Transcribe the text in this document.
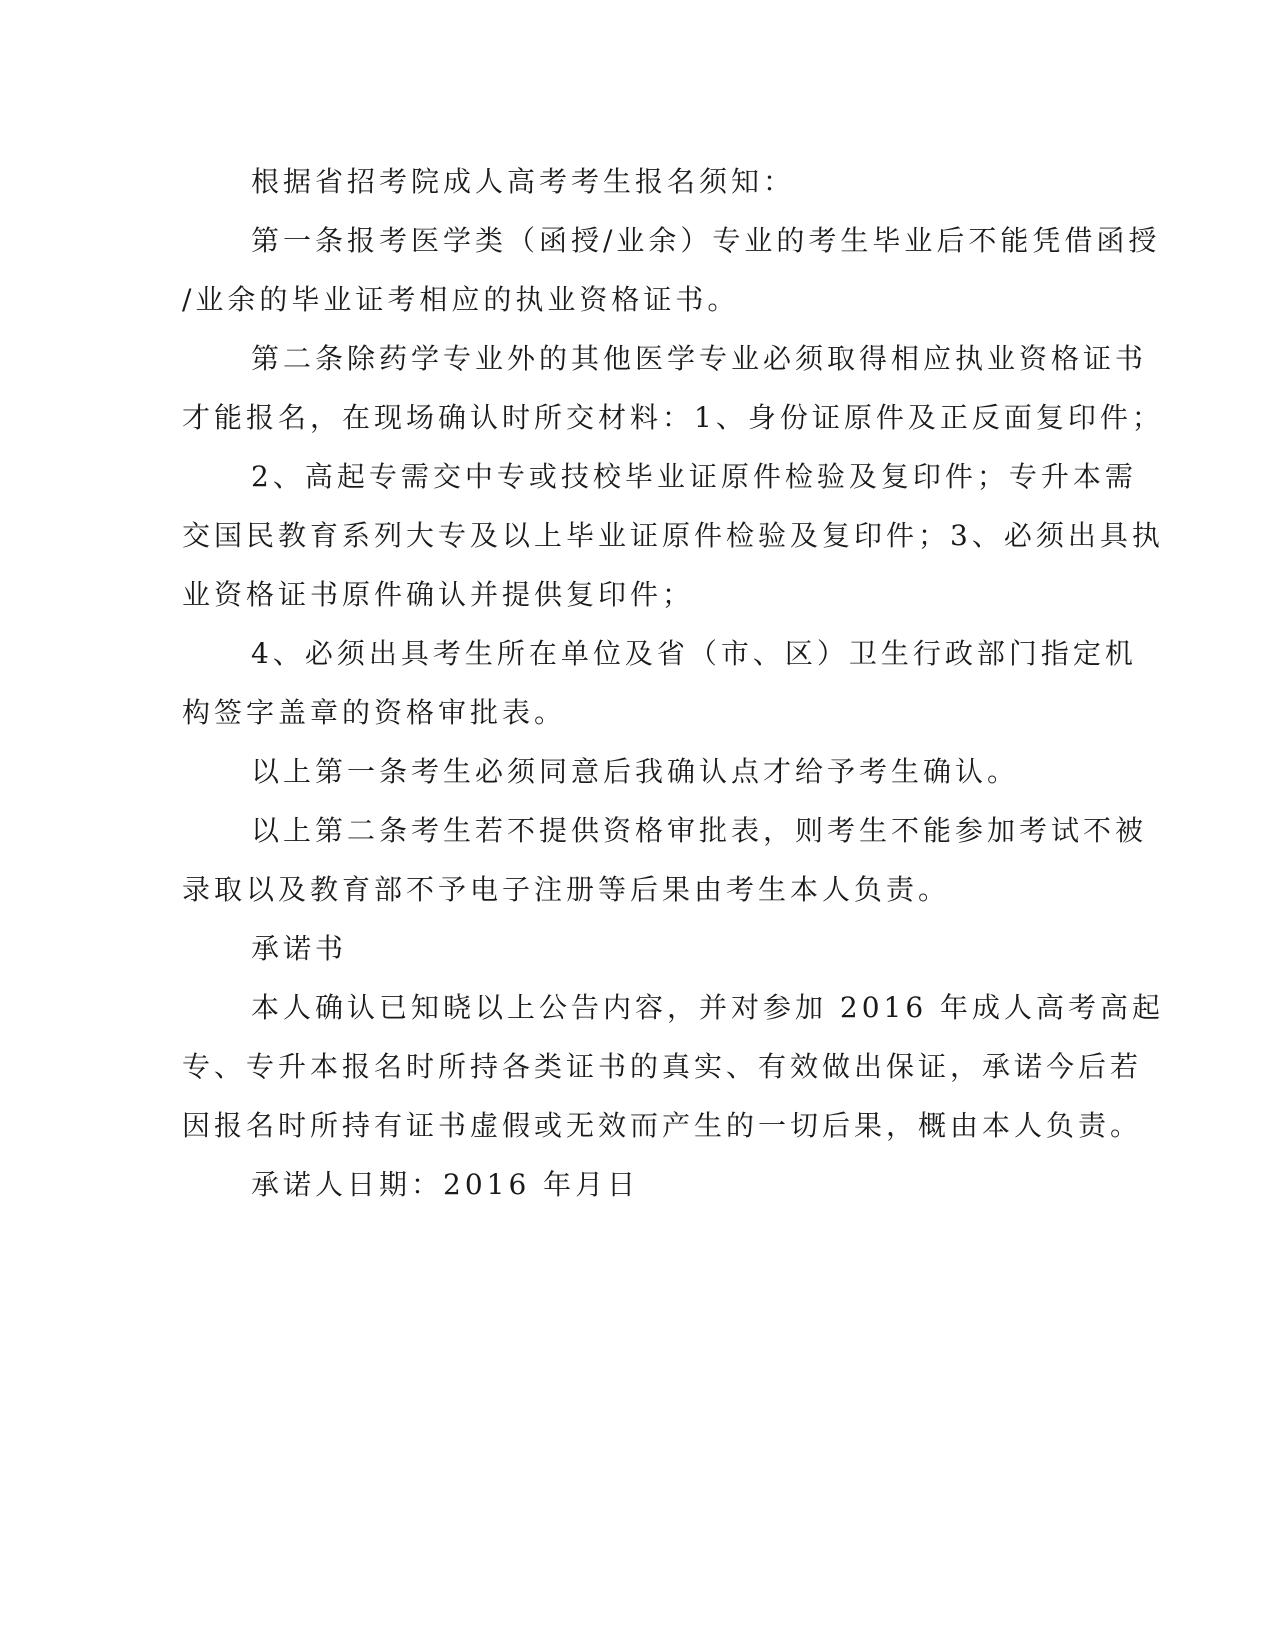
根据省招考院成人高考考生报名须知：

第一条报考医学类（函授/业余）专业的考生毕业后不能凭借函授

/业余的毕业证考相应的执业资格证书。

第二条除药学专业外的其他医学专业必须取得相应执业资格证书

才能报名，在现场确认时所交材料：1、身份证原件及正反面复印件；

2、高起专需交中专或技校毕业证原件检验及复印件；专升本需

交国民教育系列大专及以上毕业证原件检验及复印件；3、必须出具执

业资格证书原件确认并提供复印件；

4、必须出具考生所在单位及省（市、区）卫生行政部门指定机

构签字盖章的资格审批表。

以上第一条考生必须同意后我确认点才给予考生确认。

以上第二条考生若不提供资格审批表，则考生不能参加考试不被

录取以及教育部不予电子注册等后果由考生本人负责。

承诺书

本人确认已知晓以上公告内容，并对参加 2016 年成人高考高起

专、专升本报名时所持各类证书的真实、有效做出保证，承诺今后若

因报名时所持有证书虚假或无效而产生的一切后果，概由本人负责。

承诺人日期：2016 年月日
